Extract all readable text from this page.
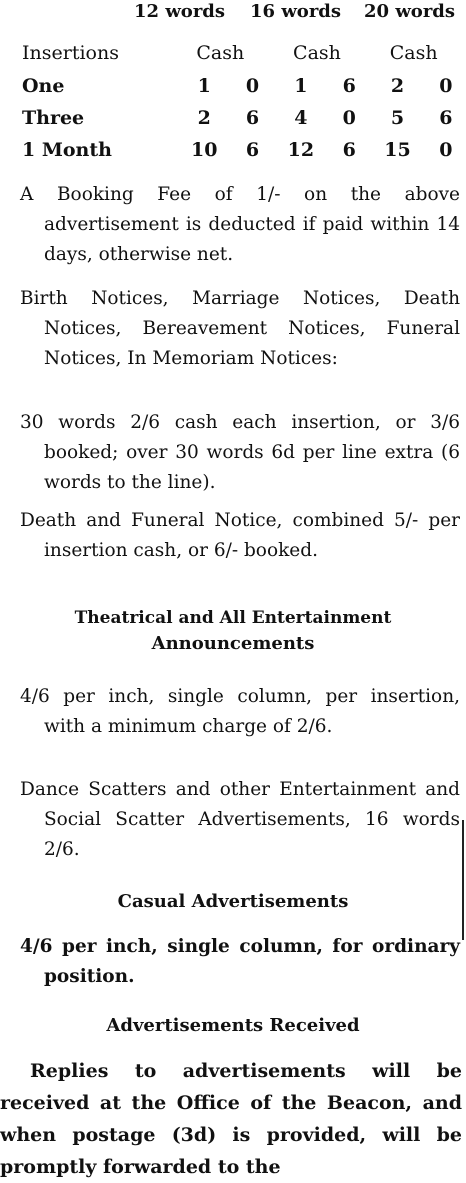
12 words 16 words 20 words
Insertions	Cash		Cash		Cash	
One	1	0	1	6	2	0
Three	2	6	4	0	5	6
1 Month	10	6	12	6	15	0

A Booking Fee of 1/- on the above advertisement is deducted if paid within 14 days, otherwise net.

Birth Notices, Marriage Notices, Death Notices, Bereavement Notices, Funeral Notices, In Memoriam Notices:

30 words 2/6 cash each insertion, or 3/6 booked; over 30 words 6d per line extra (6 words to the line).

Death and Funeral Notice, combined 5/- per insertion cash, or 6/- booked.

Theatrical and All Entertainment
Announcements

4/6 per inch, single column, per insertion, with a minimum charge of 2/6.

Dance Scatters and other Entertainment and Social Scatter Advertisements, 16 words 2/6.

Casual Advertisements

4/6 per inch, single column, for ordinary position.

Advertisements Received

Replies to advertisements will be received at the Office of the Beacon, and when postage (3d) is provided, will be promptly forwarded to the
